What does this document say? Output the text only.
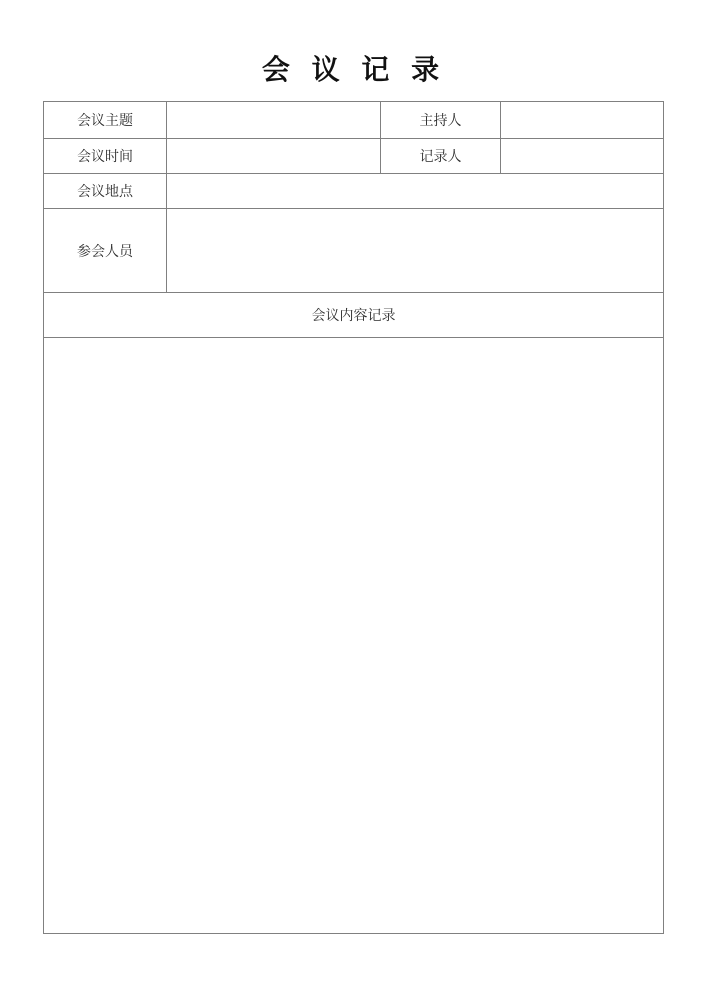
会 议 记 录
会议主题		主持人	
会议时间		记录人	
会议地点			
参会人员			
会议内容记录			
